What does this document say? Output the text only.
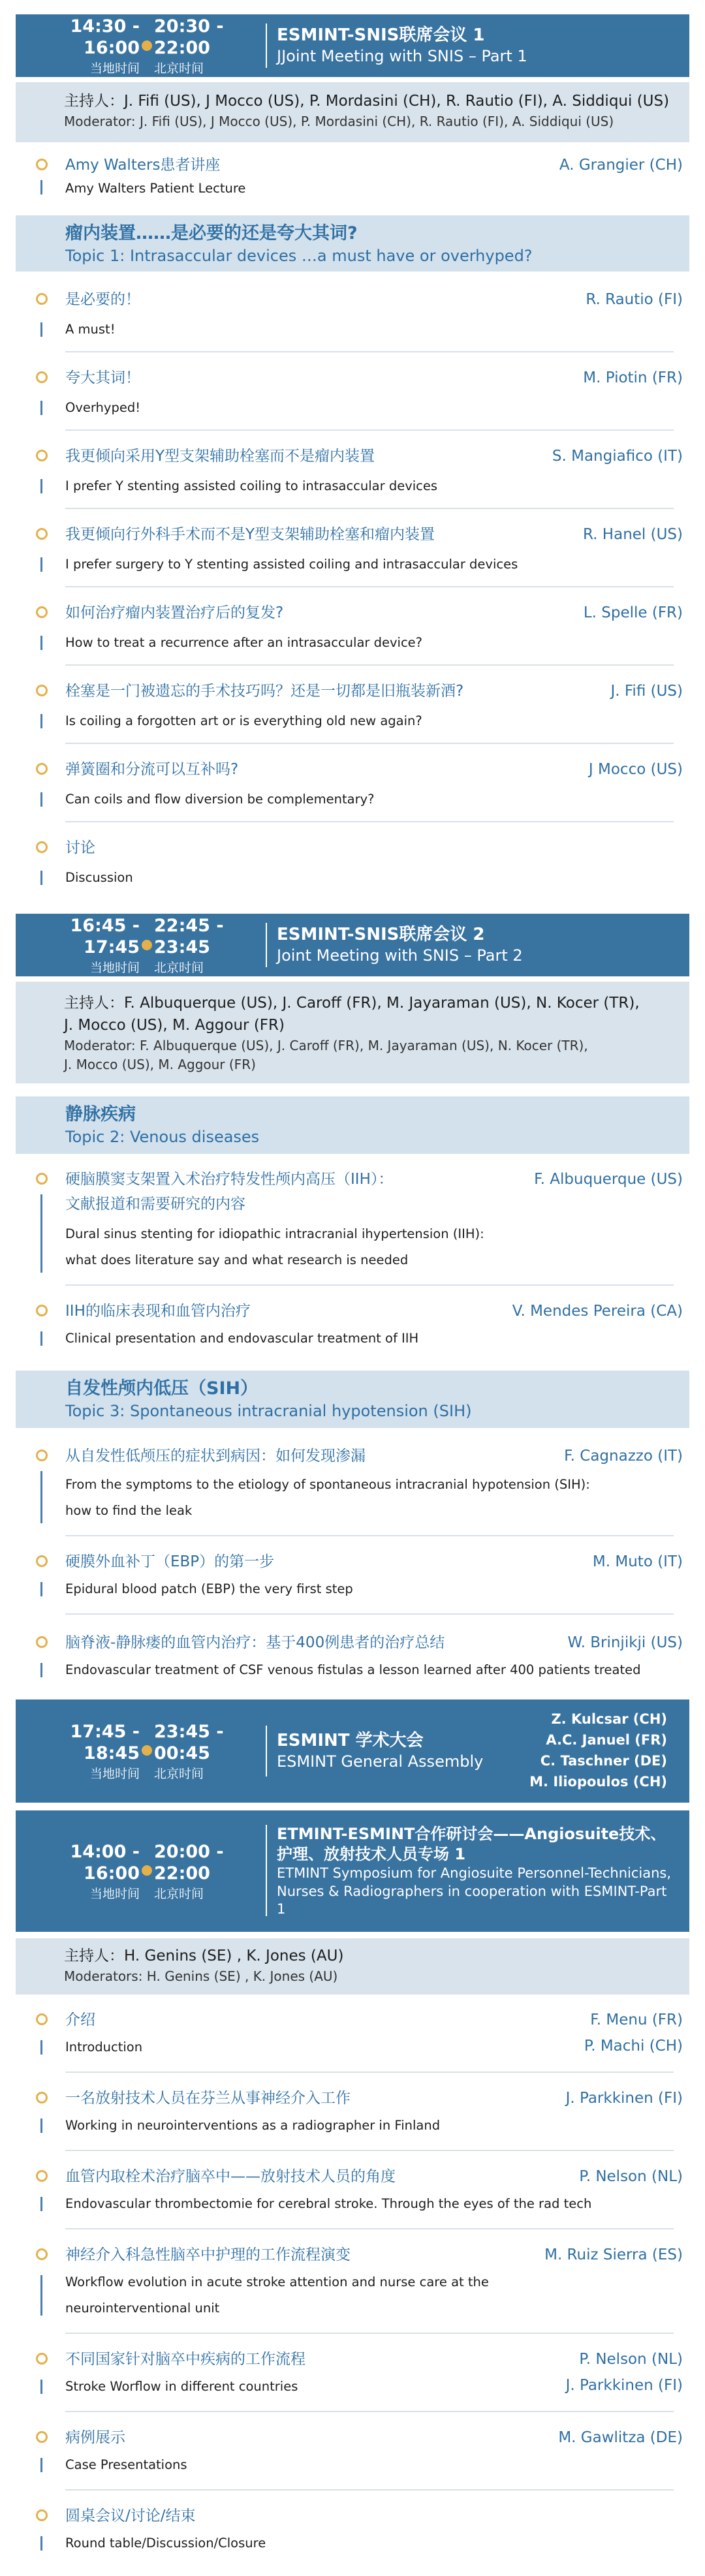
14:30 - 16:00
当地时间
20:30 - 22:00
北京时间
ESMINT-SNIS联席会议 1
JJoint Meeting with SNIS – Part 1
主持人：J. Fifi (US), J Mocco (US), P. Mordasini (CH), R. Rautio (FI), A. Siddiqui (US)
Moderator: J. Fifi (US), J Mocco (US), P. Mordasini (CH), R. Rautio (FI), A. Siddiqui (US)
Amy Walters患者讲座	A. Grangier (CH)
Amy Walters Patient Lecture
瘤内装置……是必要的还是夸大其词?
Topic 1: Intrasaccular devices …a must have or overhyped?
是必要的！	R. Rautio (FI)
A must!
夸大其词！	M. Piotin (FR)
Overhyped!
我更倾向采用Y型支架辅助栓塞而不是瘤内装置	S. Mangiafico (IT)
I prefer Y stenting assisted coiling to intrasaccular devices
我更倾向行外科手术而不是Y型支架辅助栓塞和瘤内装置	R. Hanel (US)
I prefer surgery to Y stenting assisted coiling and intrasaccular devices
如何治疗瘤内装置治疗后的复发?	L. Spelle (FR)
How to treat a recurrence after an intrasaccular device?
栓塞是一门被遗忘的手术技巧吗？还是一切都是旧瓶装新酒?	J. Fifi (US)
Is coiling a forgotten art or is everything old new again?
弹簧圈和分流可以互补吗?	J Mocco (US)
Can coils and flow diversion be complementary?
讨论
Discussion
16:45 - 17:45
当地时间
22:45 - 23:45
北京时间
ESMINT-SNIS联席会议 2
Joint Meeting with SNIS – Part 2
主持人：F. Albuquerque (US), J. Caroff (FR), M. Jayaraman (US), N. Kocer (TR),
J. Mocco (US), M. Aggour (FR)
Moderator: F. Albuquerque (US), J. Caroff (FR), M. Jayaraman (US), N. Kocer (TR),
J. Mocco (US), M. Aggour (FR)
静脉疾病
Topic 2: Venous diseases
硬脑膜窦支架置入术治疗特发性颅内高压（IIH）：
文献报道和需要研究的内容
F. Albuquerque (US)
Dural sinus stenting for idiopathic intracranial ihypertension (IIH):
what does literature say and what research is needed
IIH的临床表现和血管内治疗	V. Mendes Pereira (CA)
Clinical presentation and endovascular treatment of IIH
自发性颅内低压（SIH）
Topic 3: Spontaneous intracranial hypotension (SIH)
从自发性低颅压的症状到病因：如何发现渗漏	F. Cagnazzo (IT)
From the symptoms to the etiology of spontaneous intracranial hypotension (SIH):
how to find the leak
硬膜外血补丁（EBP）的第一步	M. Muto (IT)
Epidural blood patch (EBP) the very first step
脑脊液-静脉瘘的血管内治疗：基于400例患者的治疗总结	W. Brinjikji (US)
Endovascular treatment of CSF venous fistulas a lesson learned after 400 patients treated
17:45 - 18:45
当地时间
23:45 - 00:45
北京时间
ESMINT 学术大会
ESMINT General Assembly
Z. Kulcsar (CH)
A.C. Januel (FR)
C. Taschner (DE)
M. Iliopoulos (CH)
14:00 - 16:00
当地时间
20:00 - 22:00
北京时间
ETMINT-ESMINT合作研讨会——Angiosuite技术、
护理、放射技术人员专场 1
ETMINT Symposium for Angiosuite Personnel-Technicians,
Nurses & Radiographers in cooperation with ESMINT-Part 1
主持人：H. Genins (SE) , K. Jones (AU)
Moderators: H. Genins (SE) , K. Jones (AU)
介绍	F. Menu (FR)
P. Machi (CH)
Introduction
一名放射技术人员在芬兰从事神经介入工作	J. Parkkinen (FI)
Working in neurointerventions as a radiographer in Finland
血管内取栓术治疗脑卒中——放射技术人员的角度	P. Nelson (NL)
Endovascular thrombectomie for cerebral stroke. Through the eyes of the rad tech
神经介入科急性脑卒中护理的工作流程演变	M. Ruiz Sierra (ES)
Workflow evolution in acute stroke attention and nurse care at the
neurointerventional unit
不同国家针对脑卒中疾病的工作流程	P. Nelson (NL)
J. Parkkinen (FI)
Stroke Worflow in different countries
病例展示	M. Gawlitza (DE)
Case Presentations
圆桌会议/讨论/结束
Round table/Discussion/Closure
